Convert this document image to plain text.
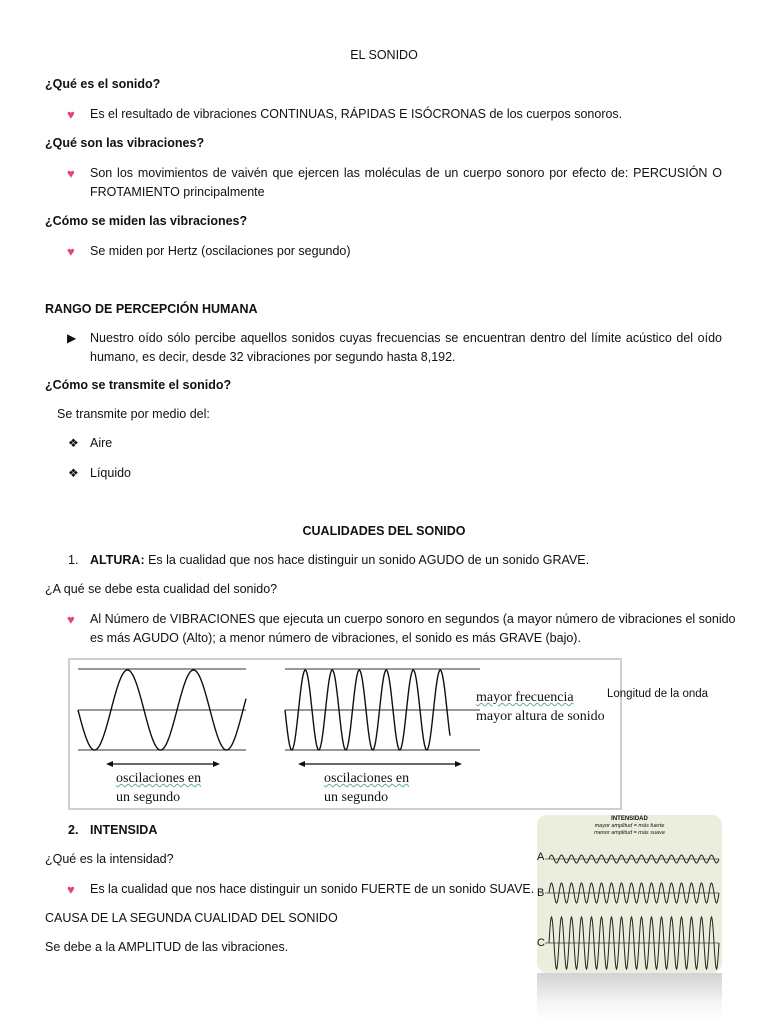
EL SONIDO
¿Qué es el sonido?
♥ Es el resultado de vibraciones CONTINUAS, RÁPIDAS E ISÓCRONAS de los cuerpos sonoros.
¿Qué son las vibraciones?
♥ Son los movimientos de vaivén que ejercen las moléculas de un cuerpo sonoro por efecto de: PERCUSIÓN O
FROTAMIENTO principalmente
¿Cómo se miden las vibraciones?
♥ Se miden por Hertz (oscilaciones por segundo)
RANGO DE PERCEPCIÓN HUMANA
▶ Nuestro oído sólo percibe aquellos sonidos cuyas frecuencias se encuentran dentro del límite acústico del oído
humano, es decir, desde 32 vibraciones por segundo hasta 8,192.
¿Cómo se transmite el sonido?
Se transmite por medio del:
❖ Aire
❖ Líquido
CUALIDADES DEL SONIDO
1. ALTURA: Es la cualidad que nos hace distinguir un sonido AGUDO de un sonido GRAVE.
¿A qué se debe esta cualidad del sonido?
♥ Al Número de VIBRACIONES que ejecuta un cuerpo sonoro en segundos (a mayor número de vibraciones el sonido
es más AGUDO (Alto); a menor número de vibraciones, el sonido es más GRAVE (bajo).
oscilaciones en
un segundo
oscilaciones en
un segundo
mayor frecuencia
mayor altura de sonido
Longitud de la onda
2. INTENSIDA
¿Qué es la intensidad?
♥ Es la cualidad que nos hace distinguir un sonido FUERTE de un sonido SUAVE.
CAUSA DE LA SEGUNDA CUALIDAD DEL SONIDO
Se debe a la AMPLITUD de las vibraciones.
INTENSIDAD
mayor amplitud = más fuerte
menor amplitud = más suave
A
B
C
